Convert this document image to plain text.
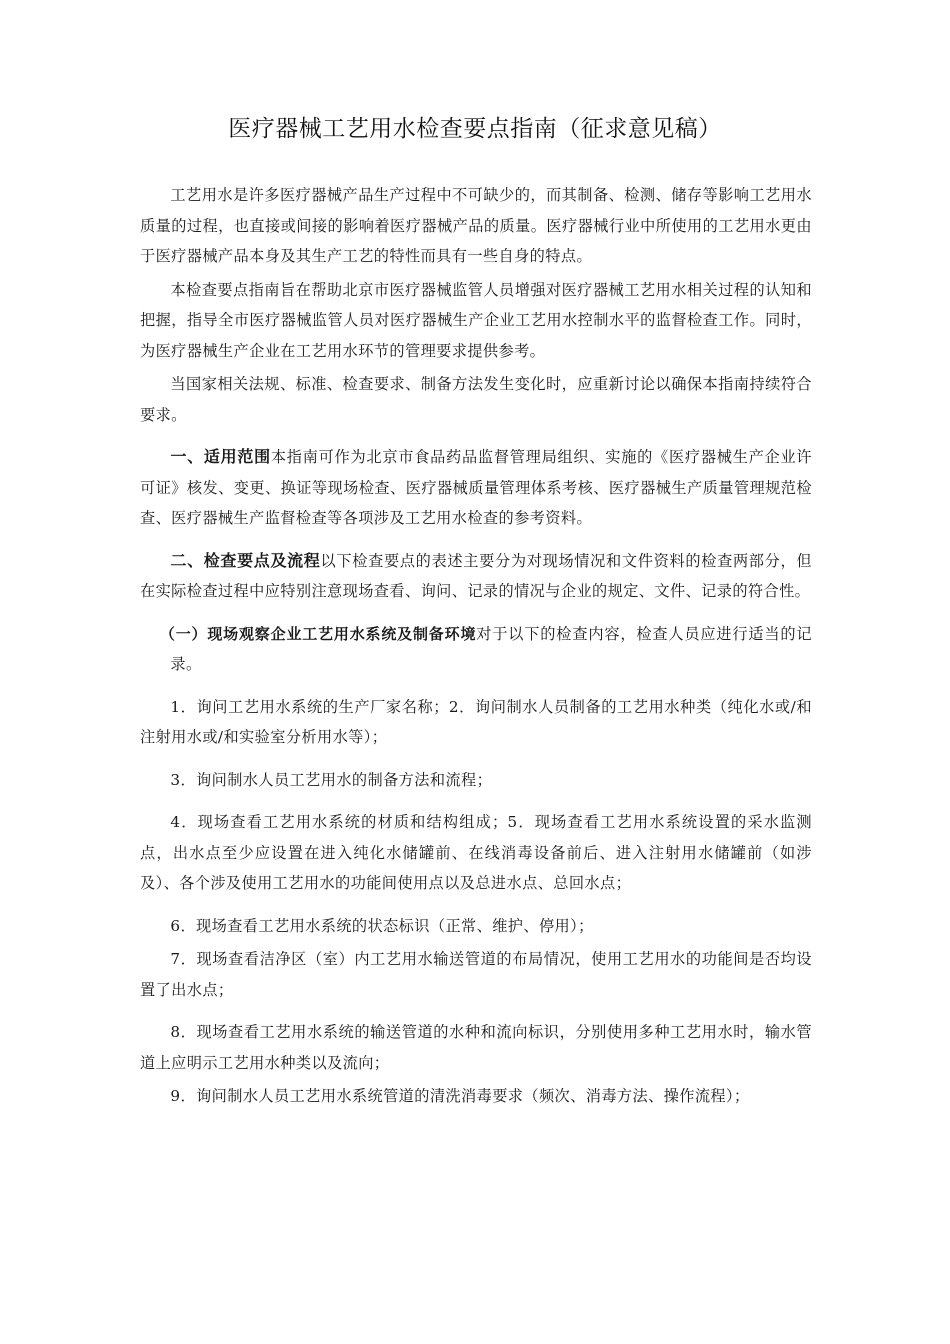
医疗器械工艺用水检查要点指南（征求意见稿）

工艺用水是许多医疗器械产品生产过程中不可缺少的，而其制备、检测、储存等影响工艺用水质量的过程，也直接或间接的影响着医疗器械产品的质量。医疗器械行业中所使用的工艺用水更由于医疗器械产品本身及其生产工艺的特性而具有一些自身的特点。

本检查要点指南旨在帮助北京市医疗器械监管人员增强对医疗器械工艺用水相关过程的认知和把握，指导全市医疗器械监管人员对医疗器械生产企业工艺用水控制水平的监督检查工作。同时，为医疗器械生产企业在工艺用水环节的管理要求提供参考。

当国家相关法规、标准、检查要求、制备方法发生变化时，应重新讨论以确保本指南持续符合要求。

一、适用范围本指南可作为北京市食品药品监督管理局组织、实施的《医疗器械生产企业许可证》核发、变更、换证等现场检查、医疗器械质量管理体系考核、医疗器械生产质量管理规范检查、医疗器械生产监督检查等各项涉及工艺用水检查的参考资料。

二、检查要点及流程以下检查要点的表述主要分为对现场情况和文件资料的检查两部分，但在实际检查过程中应特别注意现场查看、询问、记录的情况与企业的规定、文件、记录的符合性。

（一）现场观察企业工艺用水系统及制备环境对于以下的检查内容，检查人员应进行适当的记录。

1．询问工艺用水系统的生产厂家名称；2．询问制水人员制备的工艺用水种类（纯化水或/和注射用水或/和实验室分析用水等）；

3．询问制水人员工艺用水的制备方法和流程；

4．现场查看工艺用水系统的材质和结构组成；5．现场查看工艺用水系统设置的采水监测点，出水点至少应设置在进入纯化水储罐前、在线消毒设备前后、进入注射用水储罐前（如涉及）、各个涉及使用工艺用水的功能间使用点以及总进水点、总回水点；

6．现场查看工艺用水系统的状态标识（正常、维护、停用）；

7．现场查看洁净区（室）内工艺用水输送管道的布局情况，使用工艺用水的功能间是否均设置了出水点；

8．现场查看工艺用水系统的输送管道的水种和流向标识，分别使用多种工艺用水时，输水管道上应明示工艺用水种类以及流向；

9．询问制水人员工艺用水系统管道的清洗消毒要求（频次、消毒方法、操作流程）；
